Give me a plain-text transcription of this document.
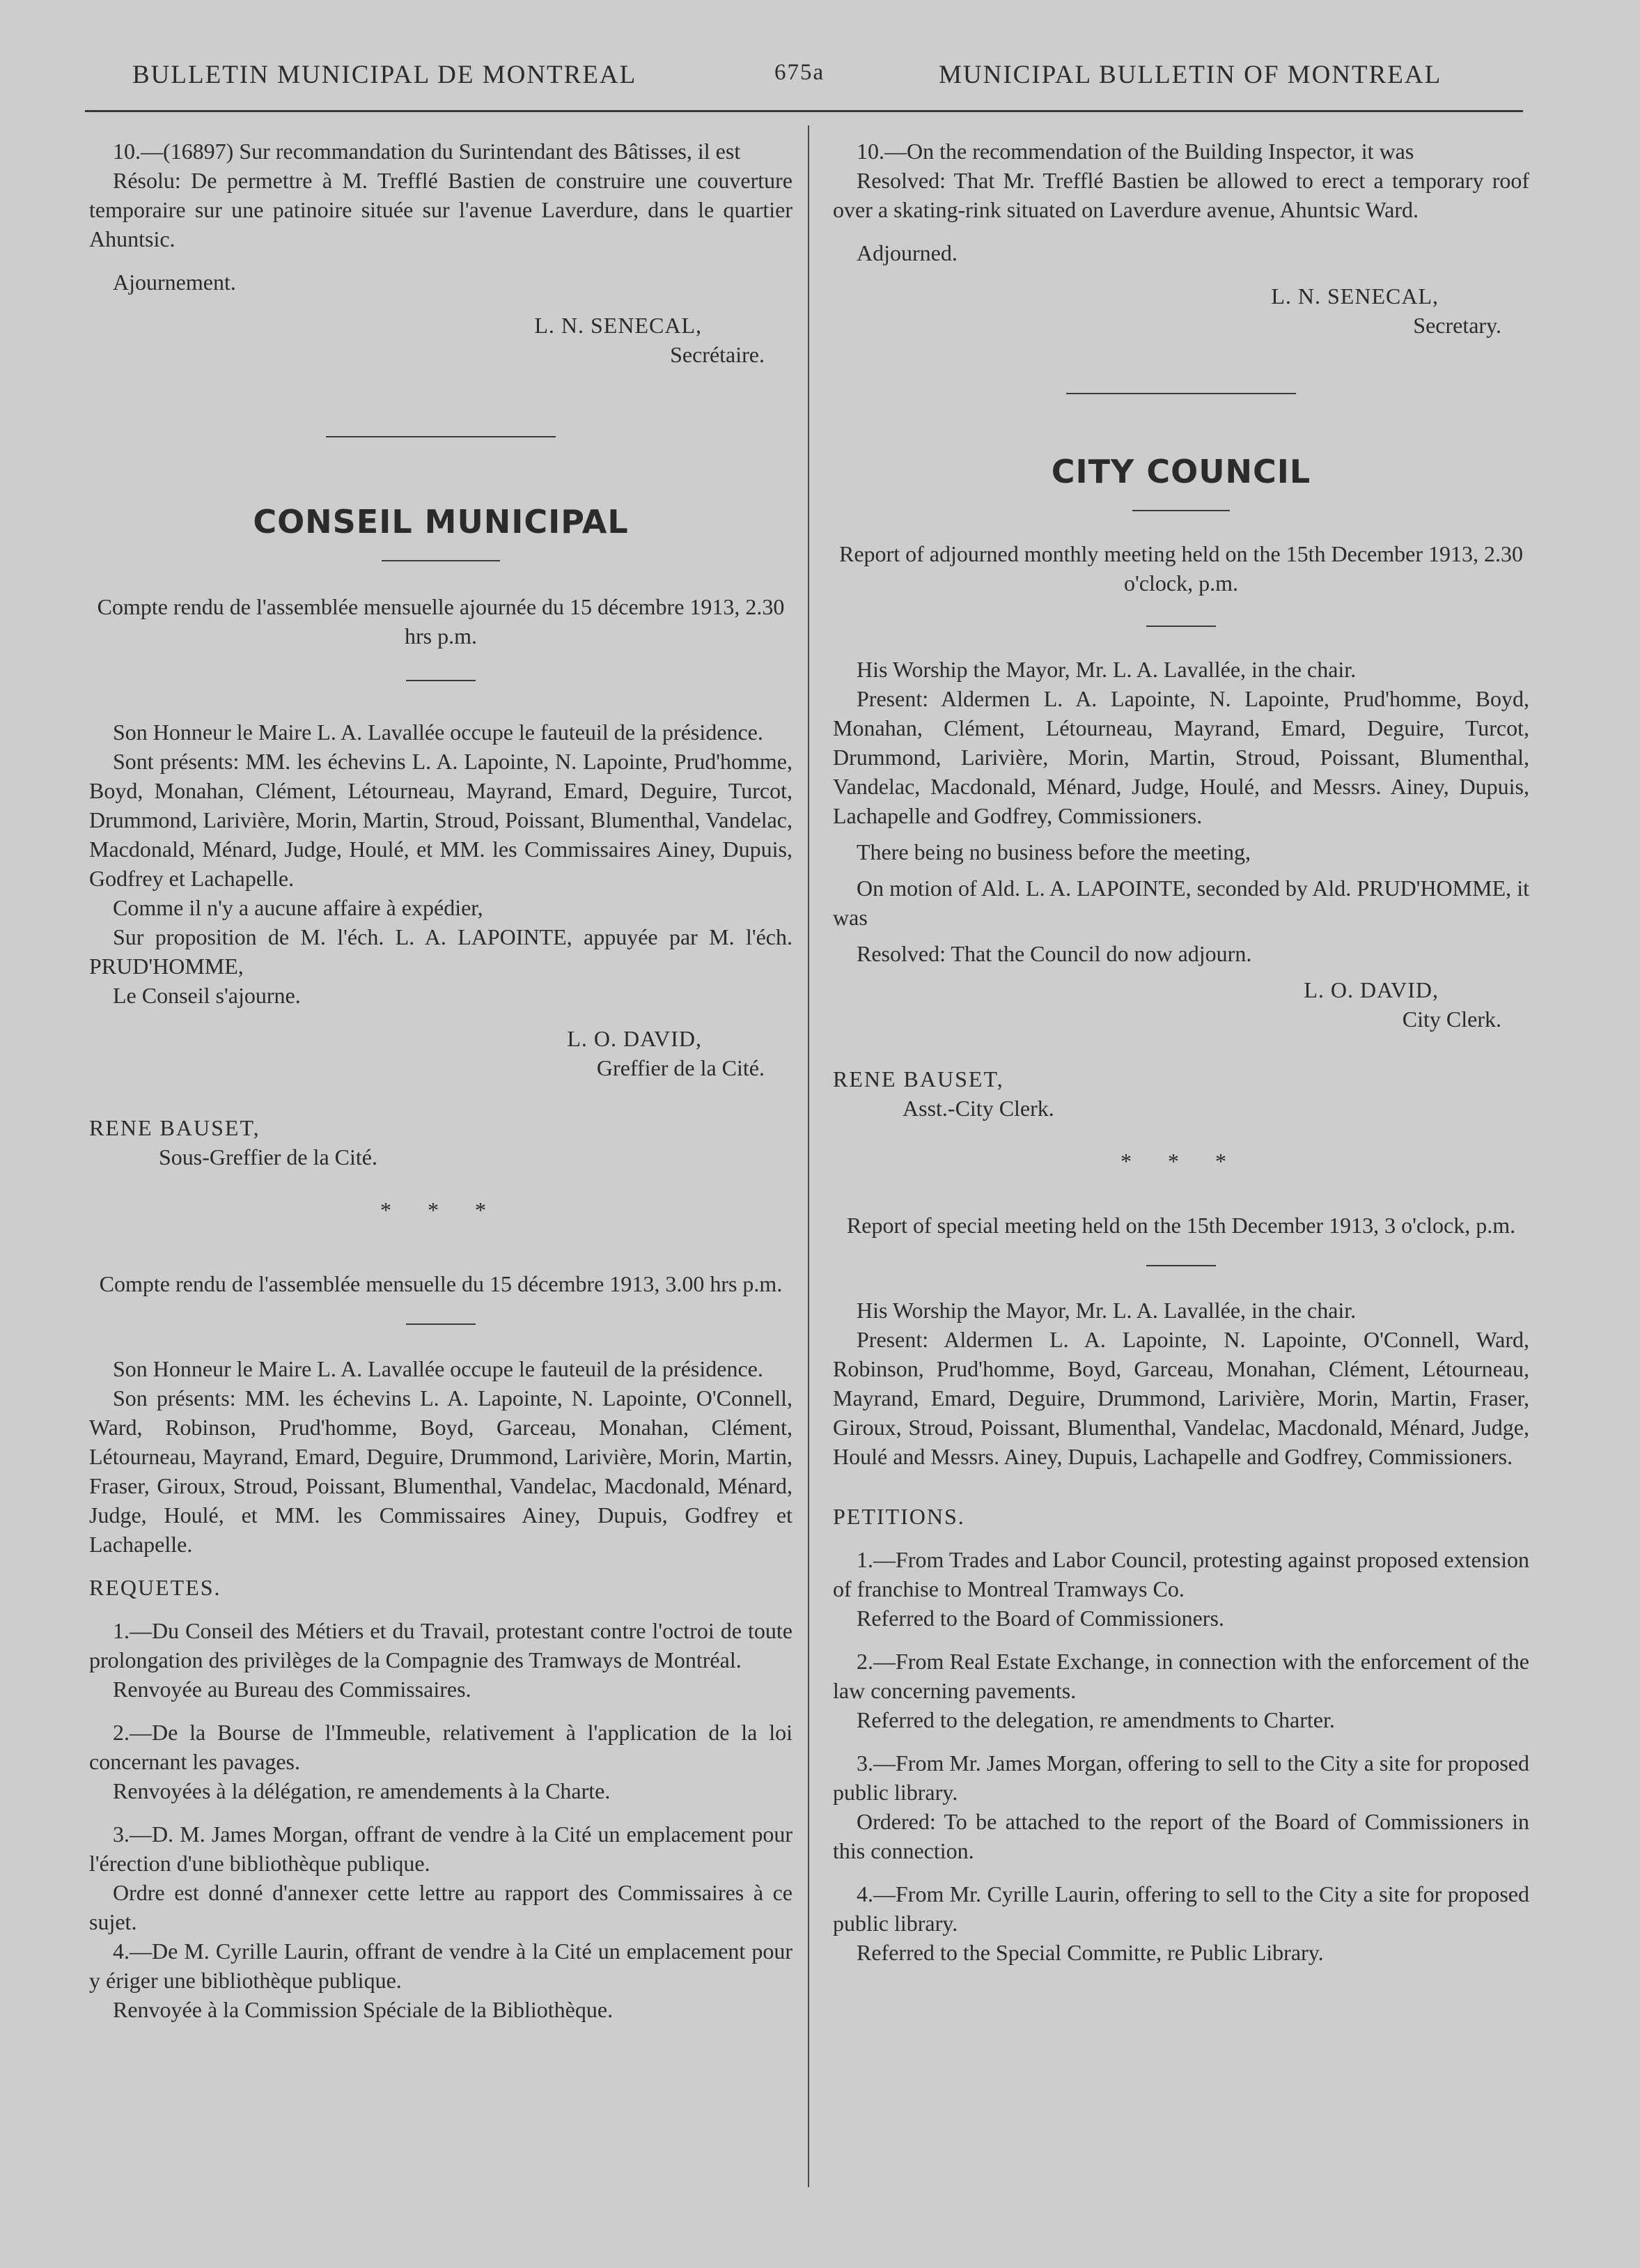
BULLETIN MUNICIPAL DE MONTREAL	675a	MUNICIPAL BULLETIN OF MONTREAL

10.—(16897) Sur recommandation du Surintendant des Bâtisses, il est

Résolu: De permettre à M. Trefflé Bastien de construire une couverture temporaire sur une patinoire située sur l'avenue Laverdure, dans le quartier Ahuntsic.

Ajournement.

L. N. SENECAL,

Secrétaire.

CONSEIL MUNICIPAL

Compte rendu de l'assemblée mensuelle ajournée du 15 décembre 1913, 2.30 hrs p.m.

Son Honneur le Maire L. A. Lavallée occupe le fauteuil de la présidence.

Sont présents: MM. les échevins L. A. Lapointe, N. Lapointe, Prud'homme, Boyd, Monahan, Clément, Létourneau, Mayrand, Emard, Deguire, Turcot, Drummond, Larivière, Morin, Martin, Stroud, Poissant, Blumenthal, Vandelac, Macdonald, Ménard, Judge, Houlé, et MM. les Commissaires Ainey, Dupuis, Godfrey et Lachapelle.

Comme il n'y a aucune affaire à expédier,

Sur proposition de M. l'éch. L. A. LAPOINTE, appuyée par M. l'éch. PRUD'HOMME,

Le Conseil s'ajourne.

L. O. DAVID,

Greffier de la Cité.

RENE BAUSET,

Sous-Greffier de la Cité.

* * *

Compte rendu de l'assemblée mensuelle du 15 décembre 1913, 3.00 hrs p.m.

Son Honneur le Maire L. A. Lavallée occupe le fauteuil de la présidence.

Son présents: MM. les échevins L. A. Lapointe, N. Lapointe, O'Connell, Ward, Robinson, Prud'homme, Boyd, Garceau, Monahan, Clément, Létourneau, Mayrand, Emard, Deguire, Drummond, Larivière, Morin, Martin, Fraser, Giroux, Stroud, Poissant, Blumenthal, Vandelac, Macdonald, Ménard, Judge, Houlé, et MM. les Commissaires Ainey, Dupuis, Godfrey et Lachapelle.

REQUETES.

1.—Du Conseil des Métiers et du Travail, protestant contre l'octroi de toute prolongation des privilèges de la Compagnie des Tramways de Montréal.

Renvoyée au Bureau des Commissaires.

2.—De la Bourse de l'Immeuble, relativement à l'application de la loi concernant les pavages.

Renvoyées à la délégation, re amendements à la Charte.

3.—D. M. James Morgan, offrant de vendre à la Cité un emplacement pour l'érection d'une bibliothèque publique.

Ordre est donné d'annexer cette lettre au rapport des Commissaires à ce sujet.

4.—De M. Cyrille Laurin, offrant de vendre à la Cité un emplacement pour y ériger une bibliothèque publique.

Renvoyée à la Commission Spéciale de la Bibliothèque.

10.—On the recommendation of the Building Inspector, it was

Resolved: That Mr. Trefflé Bastien be allowed to erect a temporary roof over a skating-rink situated on Laverdure avenue, Ahuntsic Ward.

Adjourned.

L. N. SENECAL,

Secretary.

CITY COUNCIL

Report of adjourned monthly meeting held on the 15th December 1913, 2.30 o'clock, p.m.

His Worship the Mayor, Mr. L. A. Lavallée, in the chair.

Present: Aldermen L. A. Lapointe, N. Lapointe, Prud'homme, Boyd, Monahan, Clément, Létourneau, Mayrand, Emard, Deguire, Turcot, Drummond, Larivière, Morin, Martin, Stroud, Poissant, Blumenthal, Vandelac, Macdonald, Ménard, Judge, Houlé, and Messrs. Ainey, Dupuis, Lachapelle and Godfrey, Commissioners.

There being no business before the meeting,

On motion of Ald. L. A. LAPOINTE, seconded by Ald. PRUD'HOMME, it was

Resolved: That the Council do now adjourn.

L. O. DAVID,

City Clerk.

RENE BAUSET,

Asst.-City Clerk.

* * *

Report of special meeting held on the 15th December 1913, 3 o'clock, p.m.

His Worship the Mayor, Mr. L. A. Lavallée, in the chair.

Present: Aldermen L. A. Lapointe, N. Lapointe, O'Connell, Ward, Robinson, Prud'homme, Boyd, Garceau, Monahan, Clément, Létourneau, Mayrand, Emard, Deguire, Drummond, Larivière, Morin, Martin, Fraser, Giroux, Stroud, Poissant, Blumenthal, Vandelac, Macdonald, Ménard, Judge, Houlé and Messrs. Ainey, Dupuis, Lachapelle and Godfrey, Commissioners.

PETITIONS.

1.—From Trades and Labor Council, protesting against proposed extension of franchise to Montreal Tramways Co.

Referred to the Board of Commissioners.

2.—From Real Estate Exchange, in connection with the enforcement of the law concerning pavements.

Referred to the delegation, re amendments to Charter.

3.—From Mr. James Morgan, offering to sell to the City a site for proposed public library.

Ordered: To be attached to the report of the Board of Commissioners in this connection.

4.—From Mr. Cyrille Laurin, offering to sell to the City a site for proposed public library.

Referred to the Special Committe, re Public Library.
